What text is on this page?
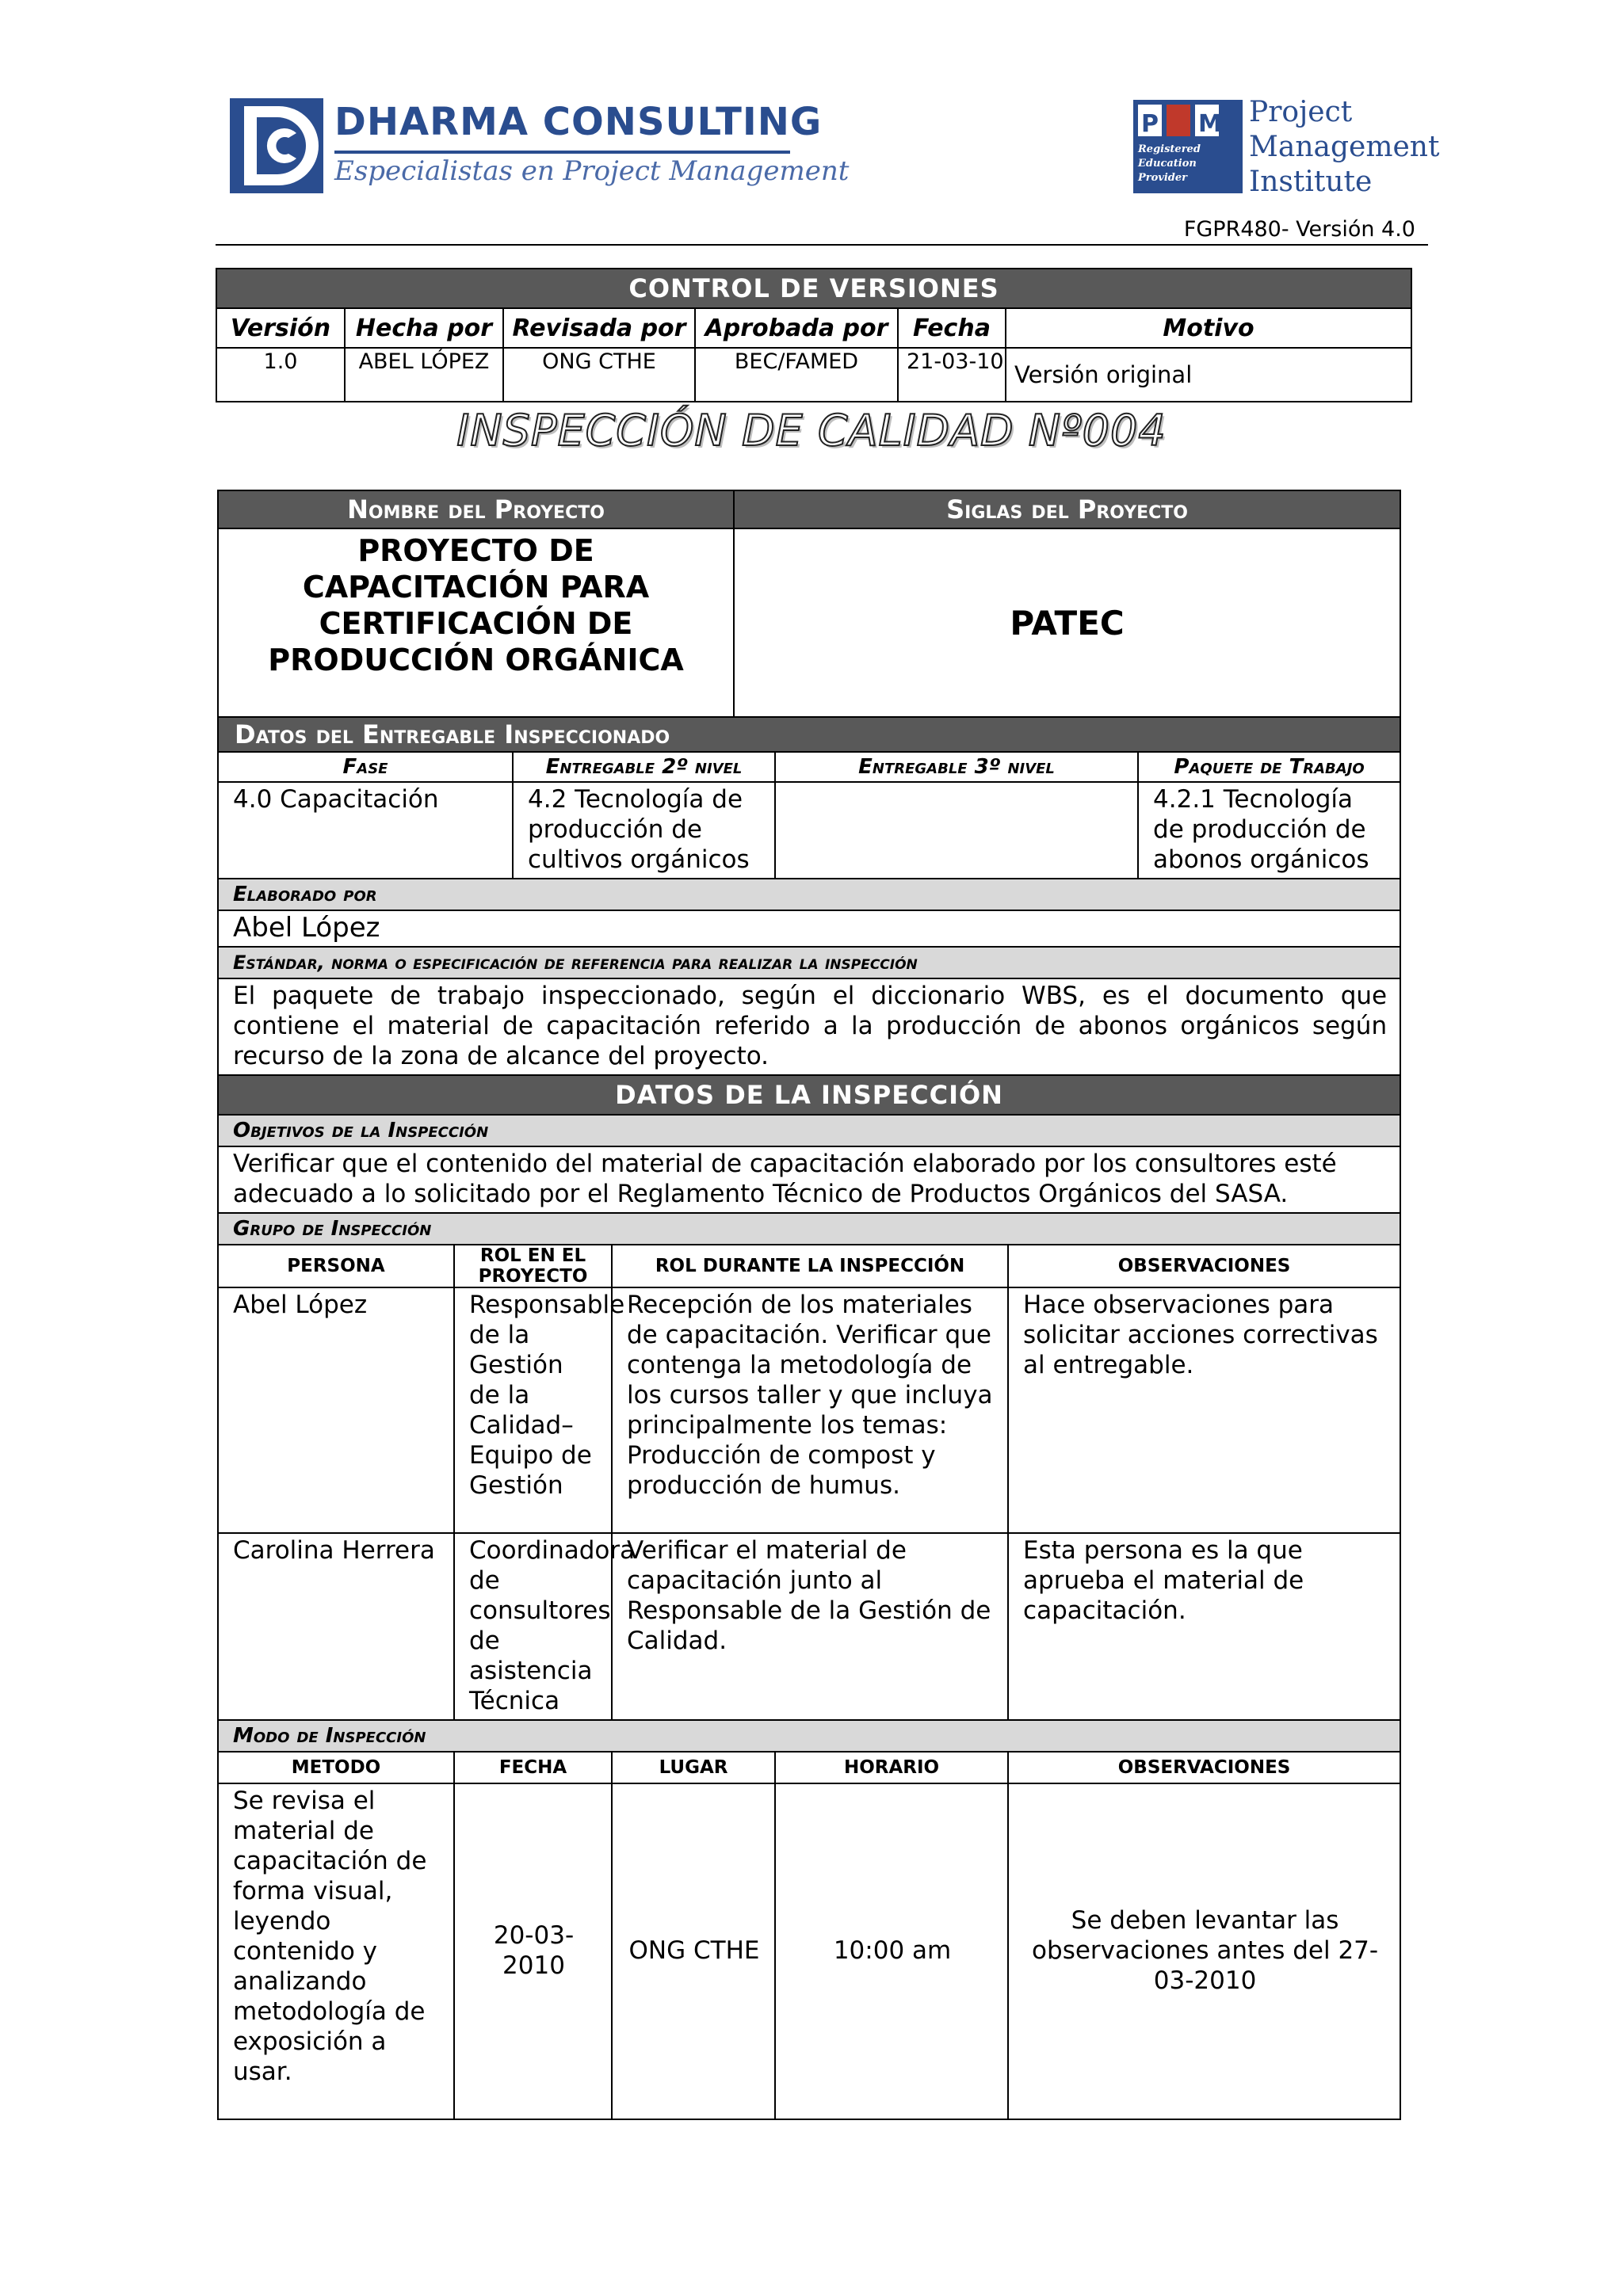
DHARMA CONSULTING
Especialistas en Project Management
P M
Registered Education Provider
Project
Management
Institute
FGPR480- Versión 4.0
CONTROL DE VERSIONES					
Versión	Hecha por	Revisada por	Aprobada por	Fecha	Motivo
1.0	ABEL LÓPEZ	ONG CTHE	BEC/FAMED	21-03-10	Versión original
INSPECCIÓN DE CALIDAD Nº004
Nombre del Proyecto				Siglas del Proyecto			
PROYECTO DE CAPACITACIÓN PARA CERTIFICACIÓN DE PRODUCCIÓN ORGÁNICA				PATEC			
Datos del Entregable Inspeccionado							
Fase		Entregable 2º nivel			Entregable 3º nivel		Paquete de Trabajo
4.0 Capacitación		4.2 Tecnología de producción de cultivos orgánicos					4.2.1 Tecnología de producción de abonos orgánicos
Elaborado por							
Abel López							
Estándar, norma o especificación de referencia para realizar la inspección							
El paquete de trabajo inspeccionado, según el diccionario WBS, es el documento que contiene el material de capacitación referido a la producción de abonos orgánicos según recurso de la zona de alcance del proyecto.							
DATOS DE LA INSPECCIÓN							
Objetivos de la Inspección							
Verificar que el contenido del material de capacitación elaborado por los consultores esté adecuado a lo solicitado por el Reglamento Técnico de Productos Orgánicos del SASA.							
Grupo de Inspección							
PERSONA	ROL EN EL PROYECTO		ROL DURANTE LA INSPECCIÓN			OBSERVACIONES	
Abel López	Responsable de la Gestión de la Calidad– Equipo de Gestión		Recepción de los materiales de capacitación. Verificar que contenga la metodología de los cursos taller y que incluya principalmente los temas: Producción de compost y producción de humus.			Hace observaciones para solicitar acciones correctivas al entregable.	
Carolina Herrera	Coordinadora de consultores de asistencia Técnica		Verificar el material de capacitación junto al Responsable de la Gestión de Calidad.			Esta persona es la que aprueba el material de capacitación.	
Modo de Inspección							
METODO	FECHA		LUGAR		HORARIO	OBSERVACIONES	
Se revisa el material de capacitación de forma visual, leyendo contenido y analizando metodología de exposición a usar.	20-03-2010		ONG CTHE		10:00 am	Se deben levantar las observaciones antes del 27-03-2010	
